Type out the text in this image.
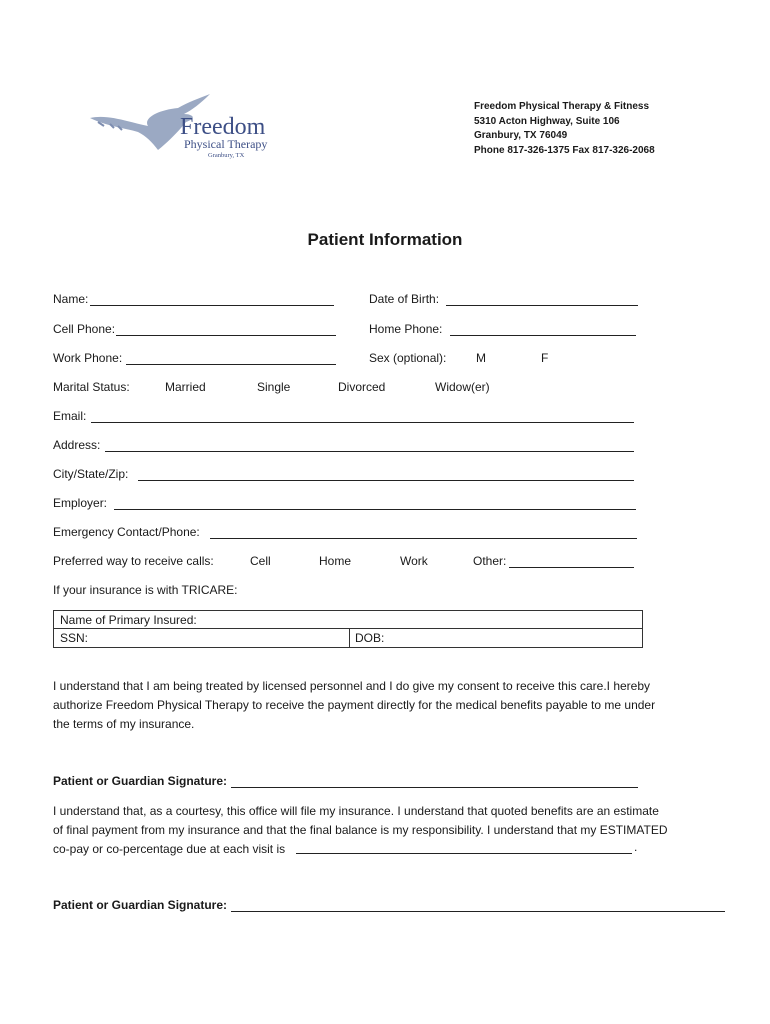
Freedom
Physical Therapy
Granbury, TX
Freedom Physical Therapy & Fitness
5310 Acton Highway, Suite 106
Granbury, TX 76049
Phone 817-326-1375 Fax 817-326-2068
Patient Information
Name:	Date of Birth:
Cell Phone:	Home Phone:
Work Phone:	Sex (optional): M	F
Marital Status:	Married	Single	Divorced	Widow(er)
Email:
Address:
City/State/Zip:
Employer:
Emergency Contact/Phone:
Preferred way to receive calls:	Cell	Home	Work	Other:
If your insurance is with TRICARE:
Name of Primary Insured:
SSN:	DOB:
I understand that I am being treated by licensed personnel and I do give my consent to receive this care.I hereby
authorize Freedom Physical Therapy to receive the payment directly for the medical benefits payable to me under
the terms of my insurance.
Patient or Guardian Signature:
I understand that, as a courtesy, this office will file my insurance. I understand that quoted benefits are an estimate
of final payment from my insurance and that the final balance is my responsibility. I understand that my ESTIMATED
co-pay or co-percentage due at each visit is	.
Patient or Guardian Signature:
